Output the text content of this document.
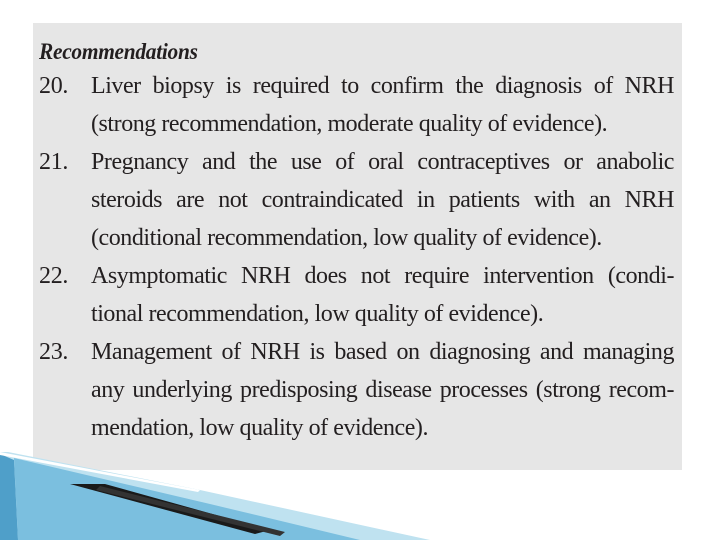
Recommendations
20. Liver biopsy is required to confirm the diagnosis of NRH
(strong recommendation, moderate quality of evidence).
21. Pregnancy and the use of oral contraceptives or anabolic
steroids are not contraindicated in patients with an NRH
(conditional recommendation, low quality of evidence).
22. Asymptomatic NRH does not require intervention (condi-
tional recommendation, low quality of evidence).
23. Management of NRH is based on diagnosing and managing
any underlying predisposing disease processes (strong recom-
mendation, low quality of evidence).
